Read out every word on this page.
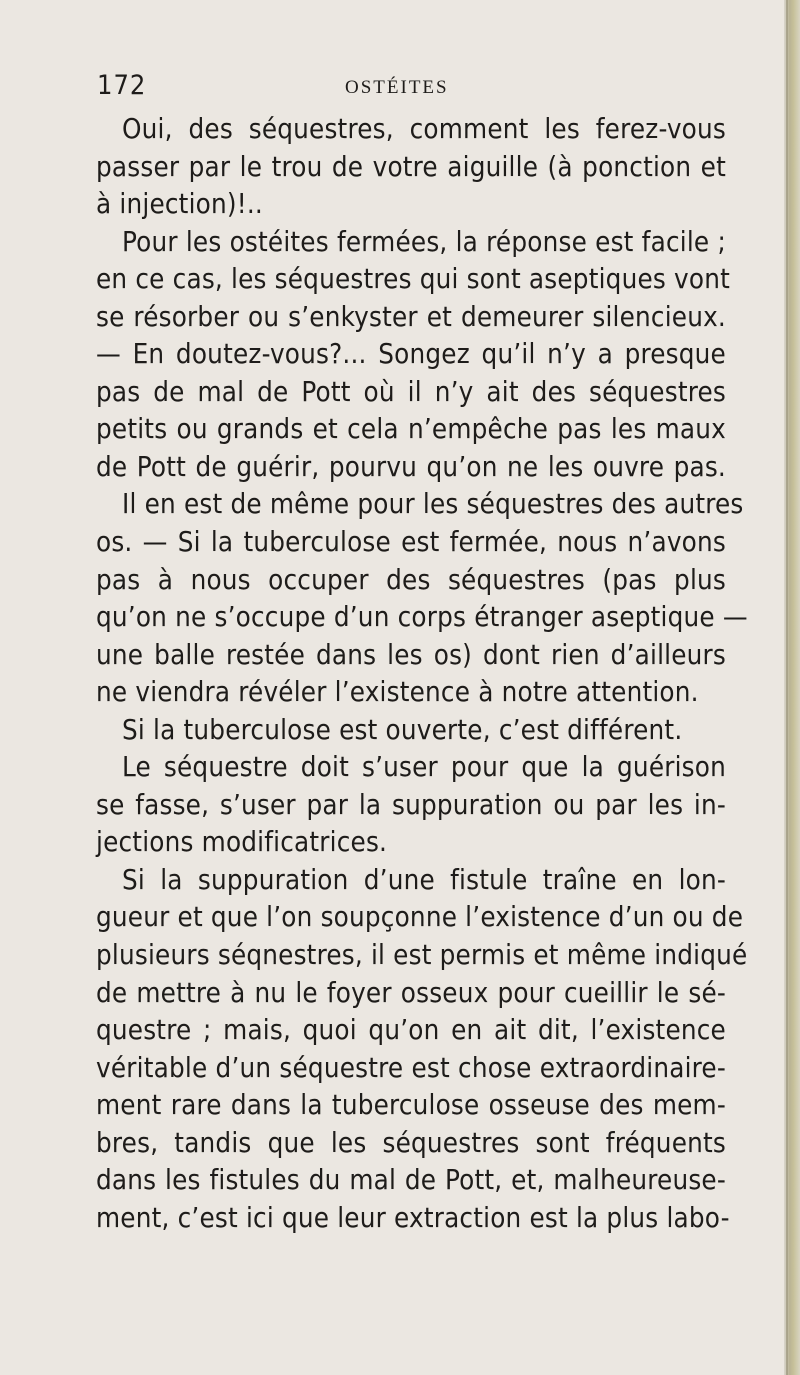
172	OSTÉITES
Oui, des séquestres, comment les ferez-vous
passer par le trou de votre aiguille (à ponction et
à injection)!..
Pour les ostéites fermées, la réponse est facile ;
en ce cas, les séquestres qui sont aseptiques vont
se résorber ou s’enkyster et demeurer silencieux.
— En doutez-vous?... Songez qu’il n’y a presque
pas de mal de Pott où il n’y ait des séquestres
petits ou grands et cela n’empêche pas les maux
de Pott de guérir, pourvu qu’on ne les ouvre pas.
Il en est de même pour les séquestres des autres
os. — Si la tuberculose est fermée, nous n’avons
pas à nous occuper des séquestres (pas plus
qu’on ne s’occupe d’un corps étranger aseptique —
une balle restée dans les os) dont rien d’ailleurs
ne viendra révéler l’existence à notre attention.
Si la tuberculose est ouverte, c’est différent.
Le séquestre doit s’user pour que la guérison
se fasse, s’user par la suppuration ou par les in-
jections modificatrices.
Si la suppuration d’une fistule traîne en lon-
gueur et que l’on soupçonne l’existence d’un ou de
plusieurs séqnestres, il est permis et même indiqué
de mettre à nu le foyer osseux pour cueillir le sé-
questre ; mais, quoi qu’on en ait dit, l’existence
véritable d’un séquestre est chose extraordinaire-
ment rare dans la tuberculose osseuse des mem-
bres, tandis que les séquestres sont fréquents
dans les fistules du mal de Pott, et, malheureuse-
ment, c’est ici que leur extraction est la plus labo-
